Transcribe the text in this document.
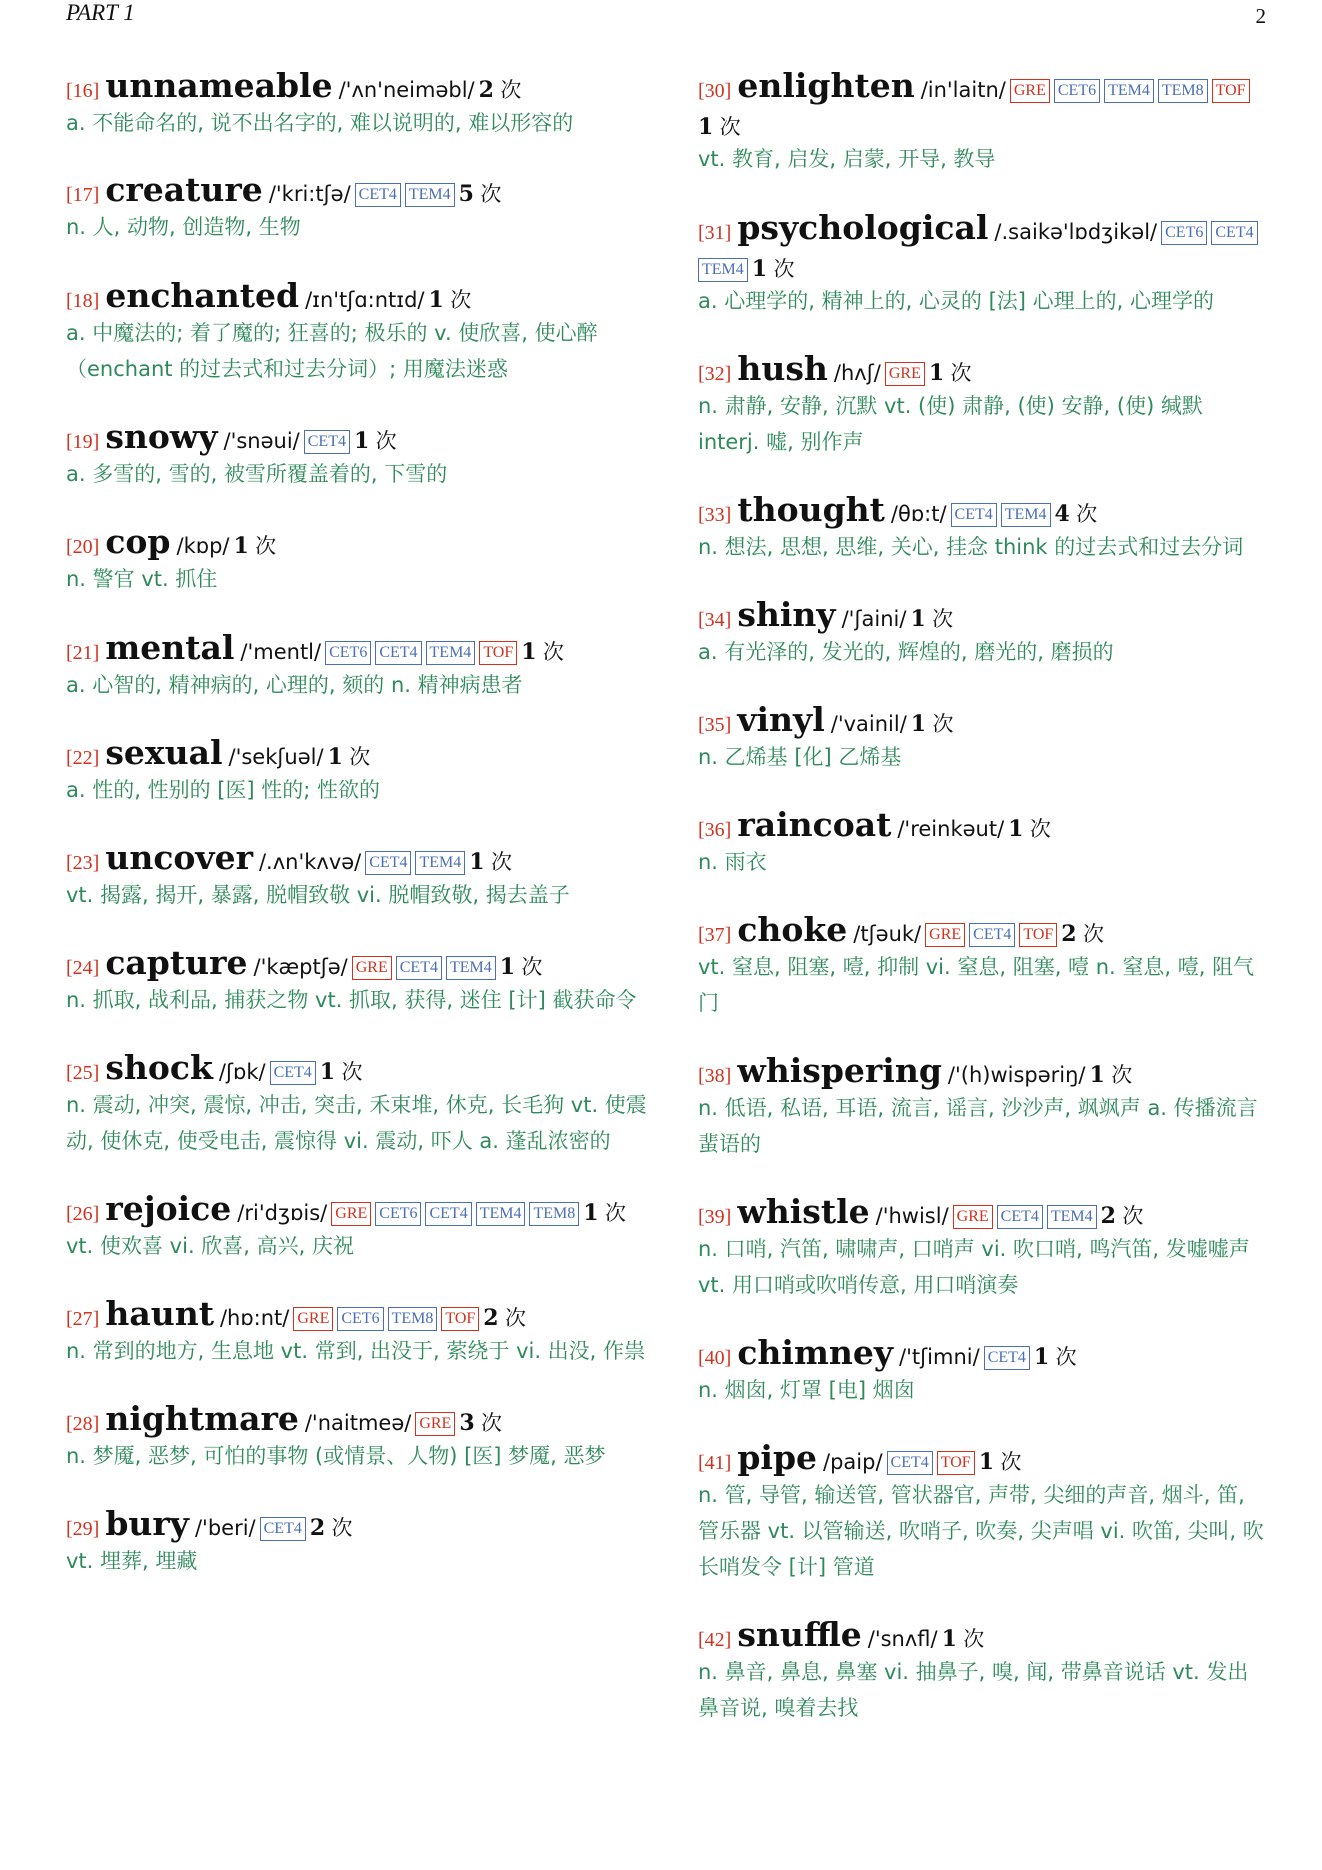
PART 1	2
[16] unnameable /'ʌn'neiməbl/ 2 次
a. 不能命名的, 说不出名字的, 难以说明的, 难以形容的
[17] creature /'kri:tʃə/ CET4 TEM4 5 次
n. 人, 动物, 创造物, 生物
[18] enchanted /ɪn'tʃɑ:ntɪd/ 1 次
a. 中魔法的; 着了魔的; 狂喜的; 极乐的 v. 使欣喜, 使心醉（enchant 的过去式和过去分词）; 用魔法迷惑
[19] snowy /'snəui/ CET4 1 次
a. 多雪的, 雪的, 被雪所覆盖着的, 下雪的
[20] cop /kɒp/ 1 次
n. 警官 vt. 抓住
[21] mental /'mentl/ CET6 CET4 TEM4 TOF 1 次
a. 心智的, 精神病的, 心理的, 颏的 n. 精神病患者
[22] sexual /'sekʃuəl/ 1 次
a. 性的, 性别的 [医] 性的; 性欲的
[23] uncover /.ʌn'kʌvə/ CET4 TEM4 1 次
vt. 揭露, 揭开, 暴露, 脱帽致敬 vi. 脱帽致敬, 揭去盖子
[24] capture /'kæptʃə/ GRE CET4 TEM4 1 次
n. 抓取, 战利品, 捕获之物 vt. 抓取, 获得, 迷住 [计] 截获命令
[25] shock /ʃɒk/ CET4 1 次
n. 震动, 冲突, 震惊, 冲击, 突击, 禾束堆, 休克, 长毛狗 vt. 使震动, 使休克, 使受电击, 震惊得 vi. 震动, 吓人 a. 蓬乱浓密的
[26] rejoice /ri'dʒɒis/ GRE CET6 CET4 TEM4 TEM8 1 次
vt. 使欢喜 vi. 欣喜, 高兴, 庆祝
[27] haunt /hɒ:nt/ GRE CET6 TEM8 TOF 2 次
n. 常到的地方, 生息地 vt. 常到, 出没于, 萦绕于 vi. 出没, 作祟
[28] nightmare /'naitmeə/ GRE 3 次
n. 梦魇, 恶梦, 可怕的事物 (或情景、人物) [医] 梦魇, 恶梦
[29] bury /'beri/ CET4 2 次
vt. 埋葬, 埋藏
[30] enlighten /in'laitn/ GRE CET6 TEM4 TEM8 TOF1 次
vt. 教育, 启发, 启蒙, 开导, 教导
[31] psychological /.saikə'lɒdʒikəl/ CET6 CET4TEM4 1 次
a. 心理学的, 精神上的, 心灵的 [法] 心理上的, 心理学的
[32] hush /hʌʃ/ GRE 1 次
n. 肃静, 安静, 沉默 vt. (使) 肃静, (使) 安静, (使) 缄默 interj. 嘘, 别作声
[33] thought /θɒ:t/ CET4 TEM4 4 次
n. 想法, 思想, 思维, 关心, 挂念 think 的过去式和过去分词
[34] shiny /'ʃaini/ 1 次
a. 有光泽的, 发光的, 辉煌的, 磨光的, 磨损的
[35] vinyl /'vainil/ 1 次
n. 乙烯基 [化] 乙烯基
[36] raincoat /'reinkəut/ 1 次
n. 雨衣
[37] choke /tʃəuk/ GRE CET4 TOF 2 次
vt. 窒息, 阻塞, 噎, 抑制 vi. 窒息, 阻塞, 噎 n. 窒息, 噎, 阻气门
[38] whispering /'(h)wispəriŋ/ 1 次
n. 低语, 私语, 耳语, 流言, 谣言, 沙沙声, 飒飒声 a. 传播流言蜚语的
[39] whistle /'hwisl/ GRE CET4 TEM4 2 次
n. 口哨, 汽笛, 啸啸声, 口哨声 vi. 吹口哨, 鸣汽笛, 发嘘嘘声 vt. 用口哨或吹哨传意, 用口哨演奏
[40] chimney /'tʃimni/ CET4 1 次
n. 烟囱, 灯罩 [电] 烟囱
[41] pipe /paip/ CET4 TOF 1 次
n. 管, 导管, 输送管, 管状器官, 声带, 尖细的声音, 烟斗, 笛, 管乐器 vt. 以管输送, 吹哨子, 吹奏, 尖声唱 vi. 吹笛, 尖叫, 吹长哨发令 [计] 管道
[42] snuffle /'snʌfl/ 1 次
n. 鼻音, 鼻息, 鼻塞 vi. 抽鼻子, 嗅, 闻, 带鼻音说话 vt. 发出鼻音说, 嗅着去找
